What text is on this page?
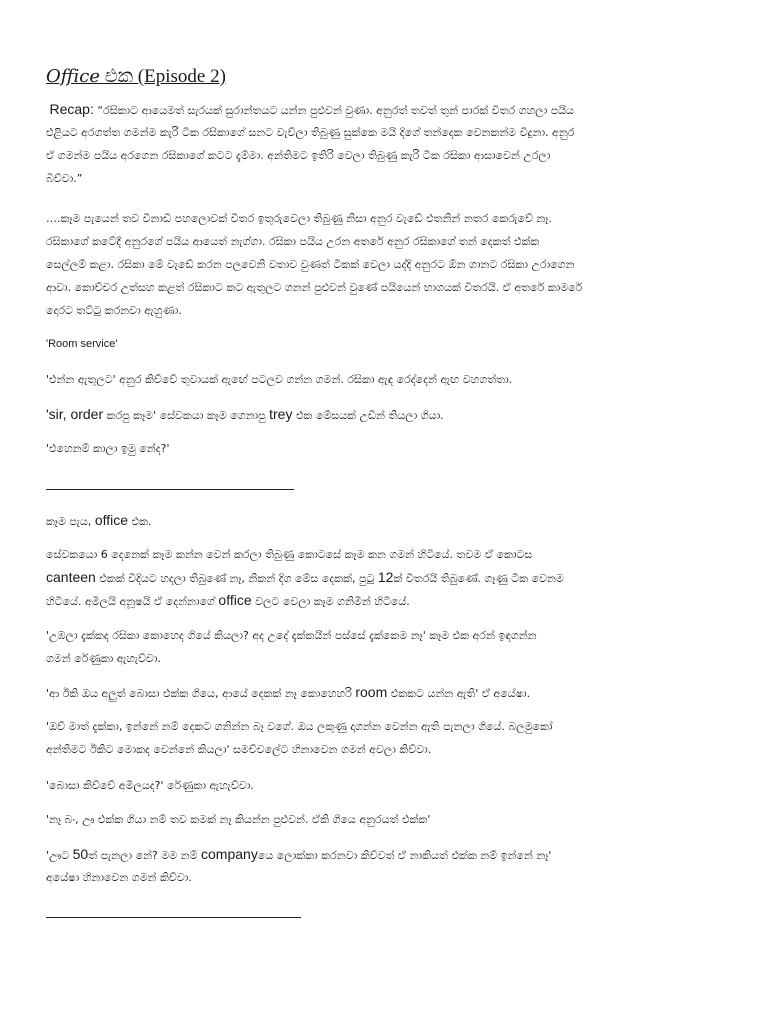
Office එක (Episode 2)
Recap: “රසිකාට ආයෙමත් සැරයක් සුරාන්තයට යන්න පුළුවන් වුණා. අනුරත් තවත් තුන් පාරක් විතර ගහලා පයිය
එළියට අරගත්ත ගමන්ම කැරි ටික රසිකාගේ සනට වැව්ලා තිබුණු සුක්කෙ මයි දිගේ තන්දෙක වෙනකන්ම විදුනා. අනුර
ඒ ගමන්ම පයිය අරගෙන රසිකාගේ කටට දැම්මා. අන්තිමට ඉතිරි වෙලා තිබුණු කැරි ටික රසිකා ආසාවෙන් උරලා
බිව්වා.”
….කෑම පැයෙන් තව විනාඩි පහලොවක් විතර ඉතුරුවෙලා තිබුණු නිසා අනුර වැඩේ එතනින් නතර කෙරුවේ නෑ.
රසිකාගේ කටේදී අනුරගේ පයිය ආයෙත් නැග්ගා. රසිකා පයිය උරන අතරේ අනුර රසිකාගේ තන් දෙකත් එක්ක
සෙල්ලම් කළා. රසිකා මේ වැඩේ කරන පලවෙනි වතාව වුණත් ටිකක් වෙලා යද්දි අනුරට ඕන ගානට රසිකා උරාගෙන
ආවා. කොච්චර උත්සහ කළත් රසිකාට කට ඇතුලට ගනන් පුළුවන් වුණේ පයියෙන් භාගයක් විතරයි. ඒ අතරේ කාමරේ
දොරට තට්ටු කරනවා ඇහුණා.
'Room service'
'එන්න ඇතුලට' අනුර කිව්වේ තුවායක් ඇඟේ පටලව ගන්න ගමන්. රසිකා ඇඳ රෙද්දෙන් ඇඟ වහගත්තා.
'sir, order කරපු කෑම' සේවකයා කෑම ගෙනාපු trey එක මේසයක් උඩින් තියලා ගියා.
'එහෙනම් කාලා ඉමු නේද?'
කෑම පැය, office එක.
සේවකයො 6 දෙනෙක් කෑම කන්න වෙන් කරලා තිබුණු කොටසේ කෑම කන ගමන් හිටියේ. තවම ඒ කොටස
canteen එකක් විදියට හදලා තිබුණේ නෑ, නිකන් දිග මේස දෙකක්, පුටු 12ක් විතරයි තිබුණේ. ගෑණු ටික වෙනම
හිටියේ. අමිලයි අනූෂයි ඒ දෙන්නාගේ office වලට වෙලා කෑම ගනිමින් හිටියේ.
'උඹලා දැක්කද රසිකා කොහෙද ගියේ කියලා? අද උදේ දැක්කයින් පස්සේ දැක්කෙම නෑ' කෑම එක අරන් ඉඳගන්න
ගමන් රේණුකා ඇහැව්වා.
'ආ ඊකි ඔය අලුත් බොසා එක්ක ගියෙ, ආයේ දෙකක් නෑ කොහෙහරි room එකකට යන්න ඇති' ඒ අයේෂා.
'ඔව් මාත් දැක්කා, ඉන්නේ නම් දෙකට ගනින්න බෑ වගේ. ඔය ලකුණු දාගන්න වෙන්න ඇති පැනලා ගියේ. බලමුකෝ
අන්තිමට ඊකිට මොකද වෙන්නේ කියලා' සමච්චලේට හිනාවෙන ගමන් අවලා කිව්වා.
'බොසා කිව්වේ අමිලයද?' රේණුකා ඇහැව්වා.
'නෑ බං, ඌ එක්ක ගියා නම් තව කමක් නෑ කියන්න පුළුවන්. ඒකි ගියෙ අනුරයත් එක්ක'
'ඌට 50ත් පැනලා නේ? මම නම් companyයෙ ලොක්කා කරනවා කිව්වත් ඒ නාකියත් එක්ක නම් ඉන්නේ නෑ'
අයේෂා හිනාවෙන ගමන් කිව්වා.
